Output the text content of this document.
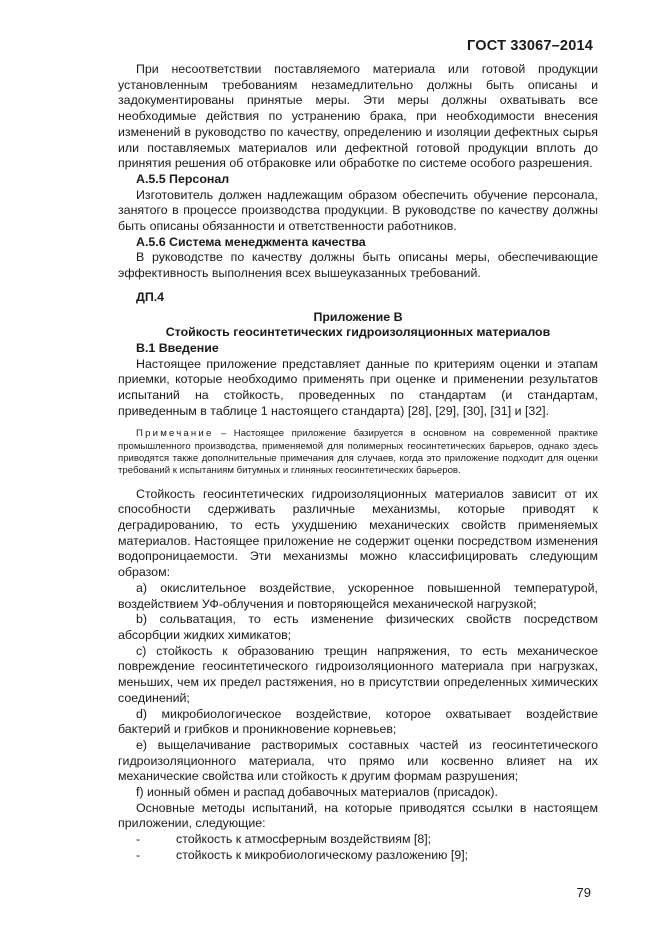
ГОСТ 33067–2014

При несоответствии поставляемого материала или готовой продукции установленным требованиям незамедлительно должны быть описаны и задокументированы принятые меры. Эти меры должны охватывать все необходимые действия по устранению брака, при необходимости внесения изменений в руководство по качеству, определению и изоляции дефектных сырья или поставляемых материалов или дефектной готовой продукции вплоть до принятия решения об отбраковке или обработке по системе особого разрешения.

А.5.5 Персонал

Изготовитель должен надлежащим образом обеспечить обучение персонала, занятого в процессе производства продукции. В руководстве по качеству должны быть описаны обязанности и ответственности работников.

А.5.6 Система менеджмента качества

В руководстве по качеству должны быть описаны меры, обеспечивающие эффективность выполнения всех вышеуказанных требований.

ДП.4

Приложение В

Стойкость геосинтетических гидроизоляционных материалов

В.1 Введение

Настоящее приложение представляет данные по критериям оценки и этапам приемки, которые необходимо применять при оценке и применении результатов испытаний на стойкость, проведенных по стандартам (и стандартам, приведенным в таблице 1 настоящего стандарта) [28], [29], [30], [31] и [32].

Примечание – Настоящее приложение базируется в основном на современной практике промышленного производства, применяемой для полимерных геосинтетических барьеров, однако здесь приводятся также дополнительные примечания для случаев, когда это приложение подходит для оценки требований к испытаниям битумных и глиняных геосинтетических барьеров.

Стойкость геосинтетических гидроизоляционных материалов зависит от их способности сдерживать различные механизмы, которые приводят к деградированию, то есть ухудшению механических свойств применяемых материалов. Настоящее приложение не содержит оценки посредством изменения водопроницаемости. Эти механизмы можно классифицировать следующим образом:

а) окислительное воздействие, ускоренное повышенной температурой, воздействием УФ-облучения и повторяющейся механической нагрузкой;

b) сольватация, то есть изменение физических свойств посредством абсорбции жидких химикатов;

c) стойкость к образованию трещин напряжения, то есть механическое повреждение геосинтетического гидроизоляционного материала при нагрузках, меньших, чем их предел растяжения, но в присутствии определенных химических соединений;

d) микробиологическое воздействие, которое охватывает воздействие бактерий и грибков и проникновение корневьев;

e) выщелачивание растворимых составных частей из геосинтетического гидроизоляционного материала, что прямо или косвенно влияет на их механические свойства или стойкость к другим формам разрушения;

f) ионный обмен и распад добавочных материалов (присадок).

Основные методы испытаний, на которые приводятся ссылки в настоящем приложении, следующие:

-	стойкость к атмосферным воздействиям [8];
-	стойкость к микробиологическому разложению [9];
79
